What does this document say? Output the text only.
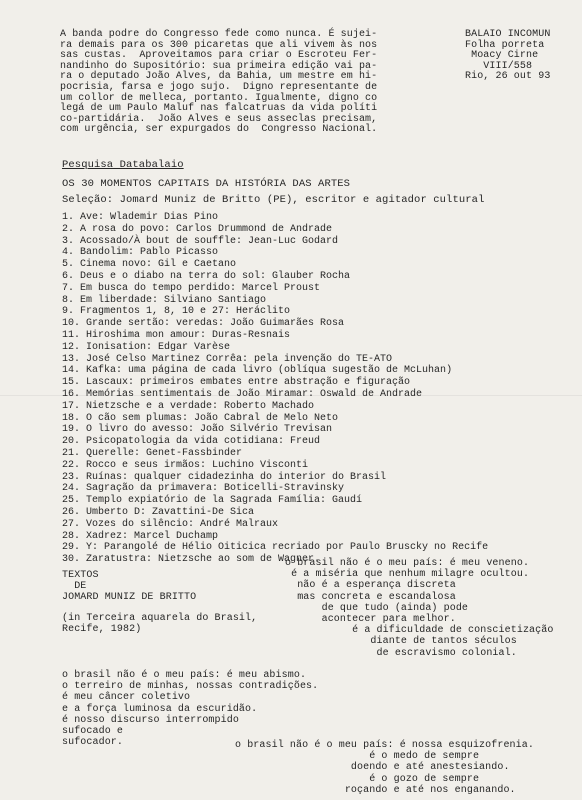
A banda podre do Congresso fede como nunca. É sujei-
ra demais para os 300 picaretas que ali vivem às nos
sas custas.  Aproveitamos para criar o Escroteu Fer-
nandinho do Supositório: sua primeira edição vai pa-
ra o deputado João Alves, da Bahia, um mestre em hi-
pocrisia, farsa e jogo sujo.  Digno representante de
um collor de melleca, portanto. Igualmente, digno co
legá de um Paulo Maluf nas falcatruas da vida políti
co-partidária.  João Alves e seus asseclas precisam,
com urgência, ser expurgados do  Congresso Nacional.
BALAIO INCOMUN
Folha porreta
Moacy Cirne
VIII/558
Rio, 26 out 93
Pesquisa Databalaio
OS 30 MOMENTOS CAPITAIS DA HISTÓRIA DAS ARTES
Seleção: Jomard Muniz de Britto (PE), escritor e agitador cultural
1. Ave: Wlademir Dias Pino
2. A rosa do povo: Carlos Drummond de Andrade
3. Acossado/À bout de souffle: Jean-Luc Godard
4. Bandolim: Pablo Picasso
5. Cinema novo: Gil e Caetano
6. Deus e o diabo na terra do sol: Glauber Rocha
7. Em busca do tempo perdido: Marcel Proust
8. Em liberdade: Silviano Santiago
9. Fragmentos 1, 8, 10 e 27: Heráclito
10. Grande sertão: veredas: João Guimarães Rosa
11. Hiroshima mon amour: Duras-Resnais
12. Ionisation: Edgar Varèse
13. José Celso Martinez Corrêa: pela invenção do TE-ATO
14. Kafka: uma página de cada livro (oblíqua sugestão de McLuhan)
15. Lascaux: primeiros embates entre abstração e figuração
16. Memórias sentimentais de João Miramar: Oswald de Andrade
17. Nietzsche e a verdade: Roberto Machado
18. O cão sem plumas: João Cabral de Melo Neto
19. O livro do avesso: João Silvério Trevisan
20. Psicopatologia da vida cotidiana: Freud
21. Querelle: Genet-Fassbinder
22. Rocco e seus irmãos: Luchino Visconti
23. Ruínas: qualquer cidadezinha do interior do Brasil
24. Sagração da primavera: Boticelli-Stravinsky
25. Templo expiatório de la Sagrada Família: Gaudí
26. Umberto D: Zavattini-De Sica
27. Vozes do silêncio: André Malraux
28. Xadrez: Marcel Duchamp
29. Y: Parangolé de Hélio Oiticica recriado por Paulo Bruscky no Recife
30. Zaratustra: Nietzsche ao som de Wagner.
TEXTOS
DE
JOMARD MUNIZ DE BRITTO
(in Terceira aquarela do Brasil,
Recife, 1982)
o brasil não é o meu país: é meu veneno.
é a miséria que nenhum milagre ocultou.
não é a esperança discreta
mas concreta e escandalosa
de que tudo (ainda) pode
acontecer para melhor.
é a dificuldade de conscietização
diante de tantos séculos
de escravismo colonial.
o brasil não é o meu país: é meu abismo.
o terreiro de minhas, nossas contradições.
é meu câncer coletivo
e a força luminosa da escuridão.
é nosso discurso interrompido
sufocado e
sufocador.	o brasil não é o meu país: é nossa esquizofrenia.
é o medo de sempre
doendo e até anestesiando.
é o gozo de sempre
roçando e até nos enganando.
